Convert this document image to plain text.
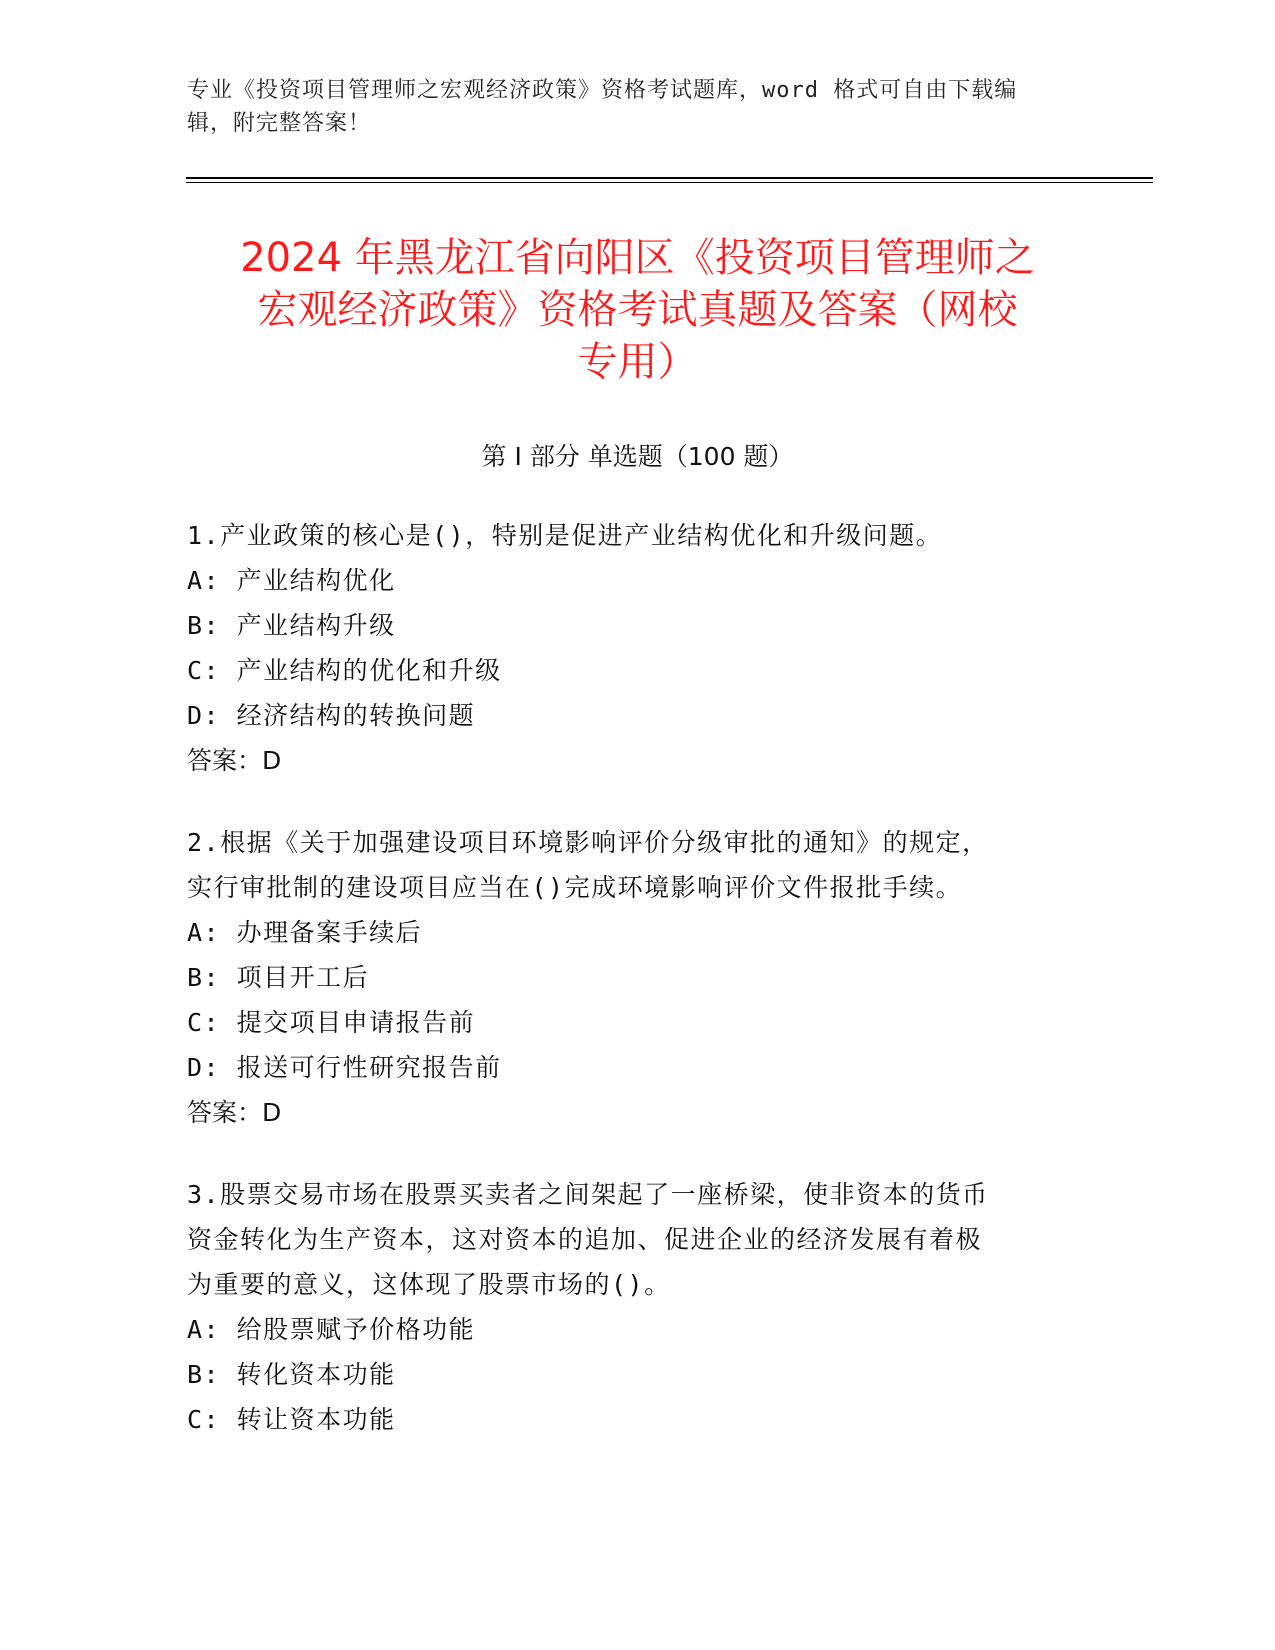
专业《投资项目管理师之宏观经济政策》资格考试题库，word 格式可自由下载编
辑，附完整答案！
2024 年黑龙江省向阳区《投资项目管理师之
宏观经济政策》资格考试真题及答案（网校
专用）
第 I 部分 单选题（100 题）
1.产业政策的核心是()，特别是促进产业结构优化和升级问题。
A: 产业结构优化
B: 产业结构升级
C: 产业结构的优化和升级
D: 经济结构的转换问题
答案：D
2.根据《关于加强建设项目环境影响评价分级审批的通知》的规定，
实行审批制的建设项目应当在()完成环境影响评价文件报批手续。
A: 办理备案手续后
B: 项目开工后
C: 提交项目申请报告前
D: 报送可行性研究报告前
答案：D
3.股票交易市场在股票买卖者之间架起了一座桥梁，使非资本的货币
资金转化为生产资本，这对资本的追加、促进企业的经济发展有着极
为重要的意义，这体现了股票市场的()。
A: 给股票赋予价格功能
B: 转化资本功能
C: 转让资本功能
